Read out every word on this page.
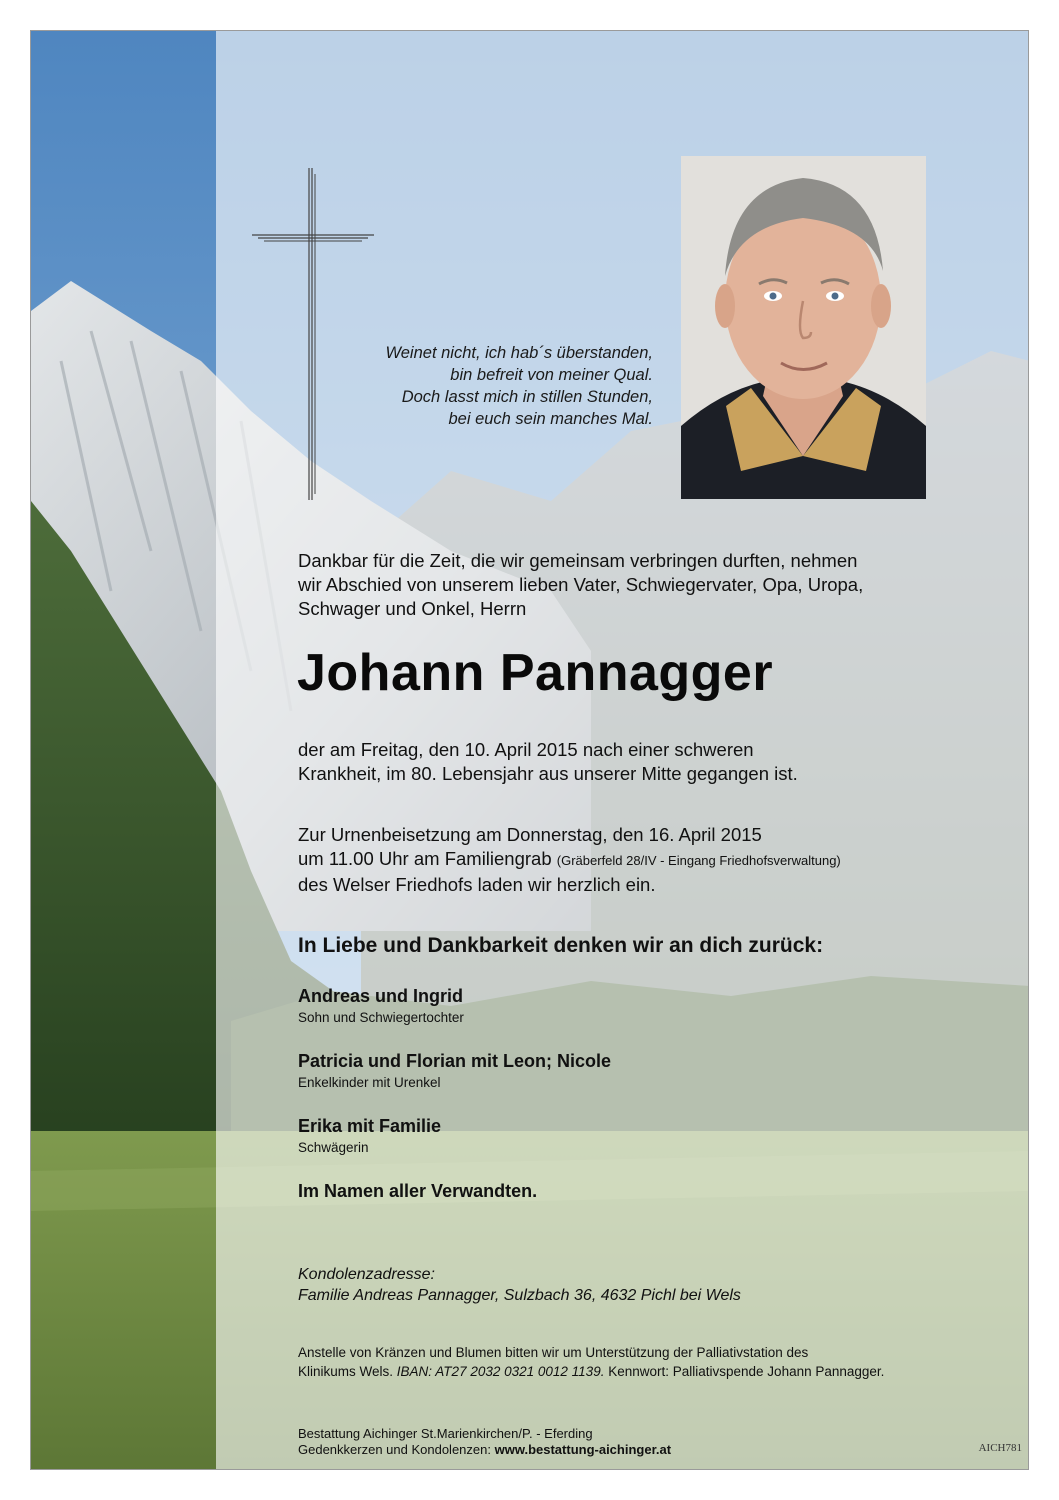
Weinet nicht, ich hab´s überstanden,
bin befreit von meiner Qual.
Doch lasst mich in stillen Stunden,
bei euch sein manches Mal.
Dankbar für die Zeit, die wir gemeinsam verbringen durften, nehmen
wir Abschied von unserem lieben Vater, Schwiegervater, Opa, Uropa,
Schwager und Onkel, Herrn
Johann Pannagger
der am Freitag, den 10. April 2015 nach einer schweren
Krankheit, im 80. Lebensjahr aus unserer Mitte gegangen ist.
Zur Urnenbeisetzung am Donnerstag, den 16. April 2015
um 11.00 Uhr am Familiengrab (Gräberfeld 28/IV - Eingang Friedhofsverwaltung)
des Welser Friedhofs laden wir herzlich ein.
In Liebe und Dankbarkeit denken wir an dich zurück:
Andreas und Ingrid
Sohn und Schwiegertochter
Patricia und Florian mit Leon; Nicole
Enkelkinder mit Urenkel
Erika mit Familie
Schwägerin
Im Namen aller Verwandten.
Kondolenzadresse:
Familie Andreas Pannagger, Sulzbach 36, 4632 Pichl bei Wels
Anstelle von Kränzen und Blumen bitten wir um Unterstützung der Palliativstation des
Klinikums Wels. IBAN: AT27 2032 0321 0012 1139. Kennwort: Palliativspende Johann Pannagger.
Bestattung Aichinger St.Marienkirchen/P. - Eferding
Gedenkkerzen und Kondolenzen: www.bestattung-aichinger.at	AICH781
